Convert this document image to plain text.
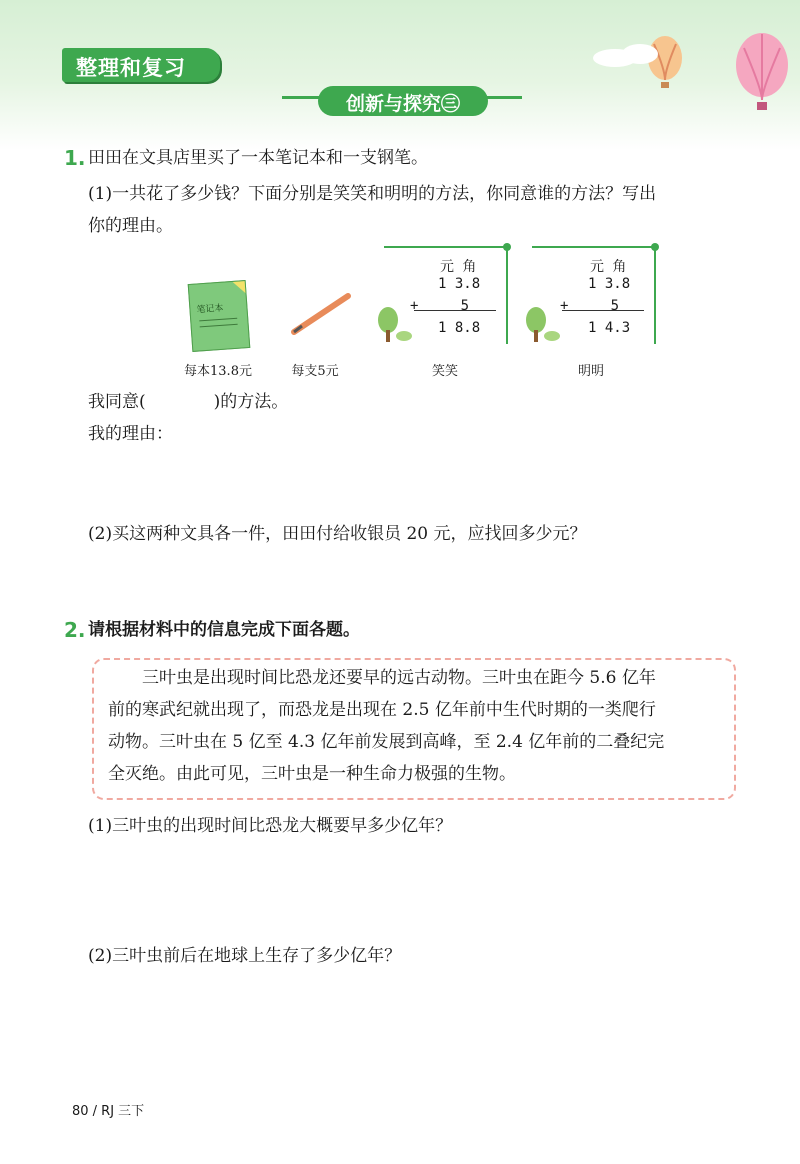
整理和复习
创新与探究㊂
1. 田田在文具店里买了一本笔记本和一支钢笔。
(1)一共花了多少钱？下面分别是笑笑和明明的方法，你同意谁的方法？写出
你的理由。
笔记本
每本13.8元	每支5元
元 角
1 3.8
+     5
1 8.8
笑笑
元 角
1 3.8
+     5
1 4.3
明明
我同意(　　　　)的方法。
我的理由：
(2)买这两种文具各一件，田田付给收银员 20 元，应找回多少元？
2. 请根据材料中的信息完成下面各题。
　　三叶虫是出现时间比恐龙还要早的远古动物。三叶虫在距今 5.6 亿年
前的寒武纪就出现了，而恐龙是出现在 2.5 亿年前中生代时期的一类爬行
动物。三叶虫在 5 亿至 4.3 亿年前发展到高峰，至 2.4 亿年前的二叠纪完
全灭绝。由此可见，三叶虫是一种生命力极强的生物。
(1)三叶虫的出现时间比恐龙大概要早多少亿年？
(2)三叶虫前后在地球上生存了多少亿年？
80 / RJ 三下
